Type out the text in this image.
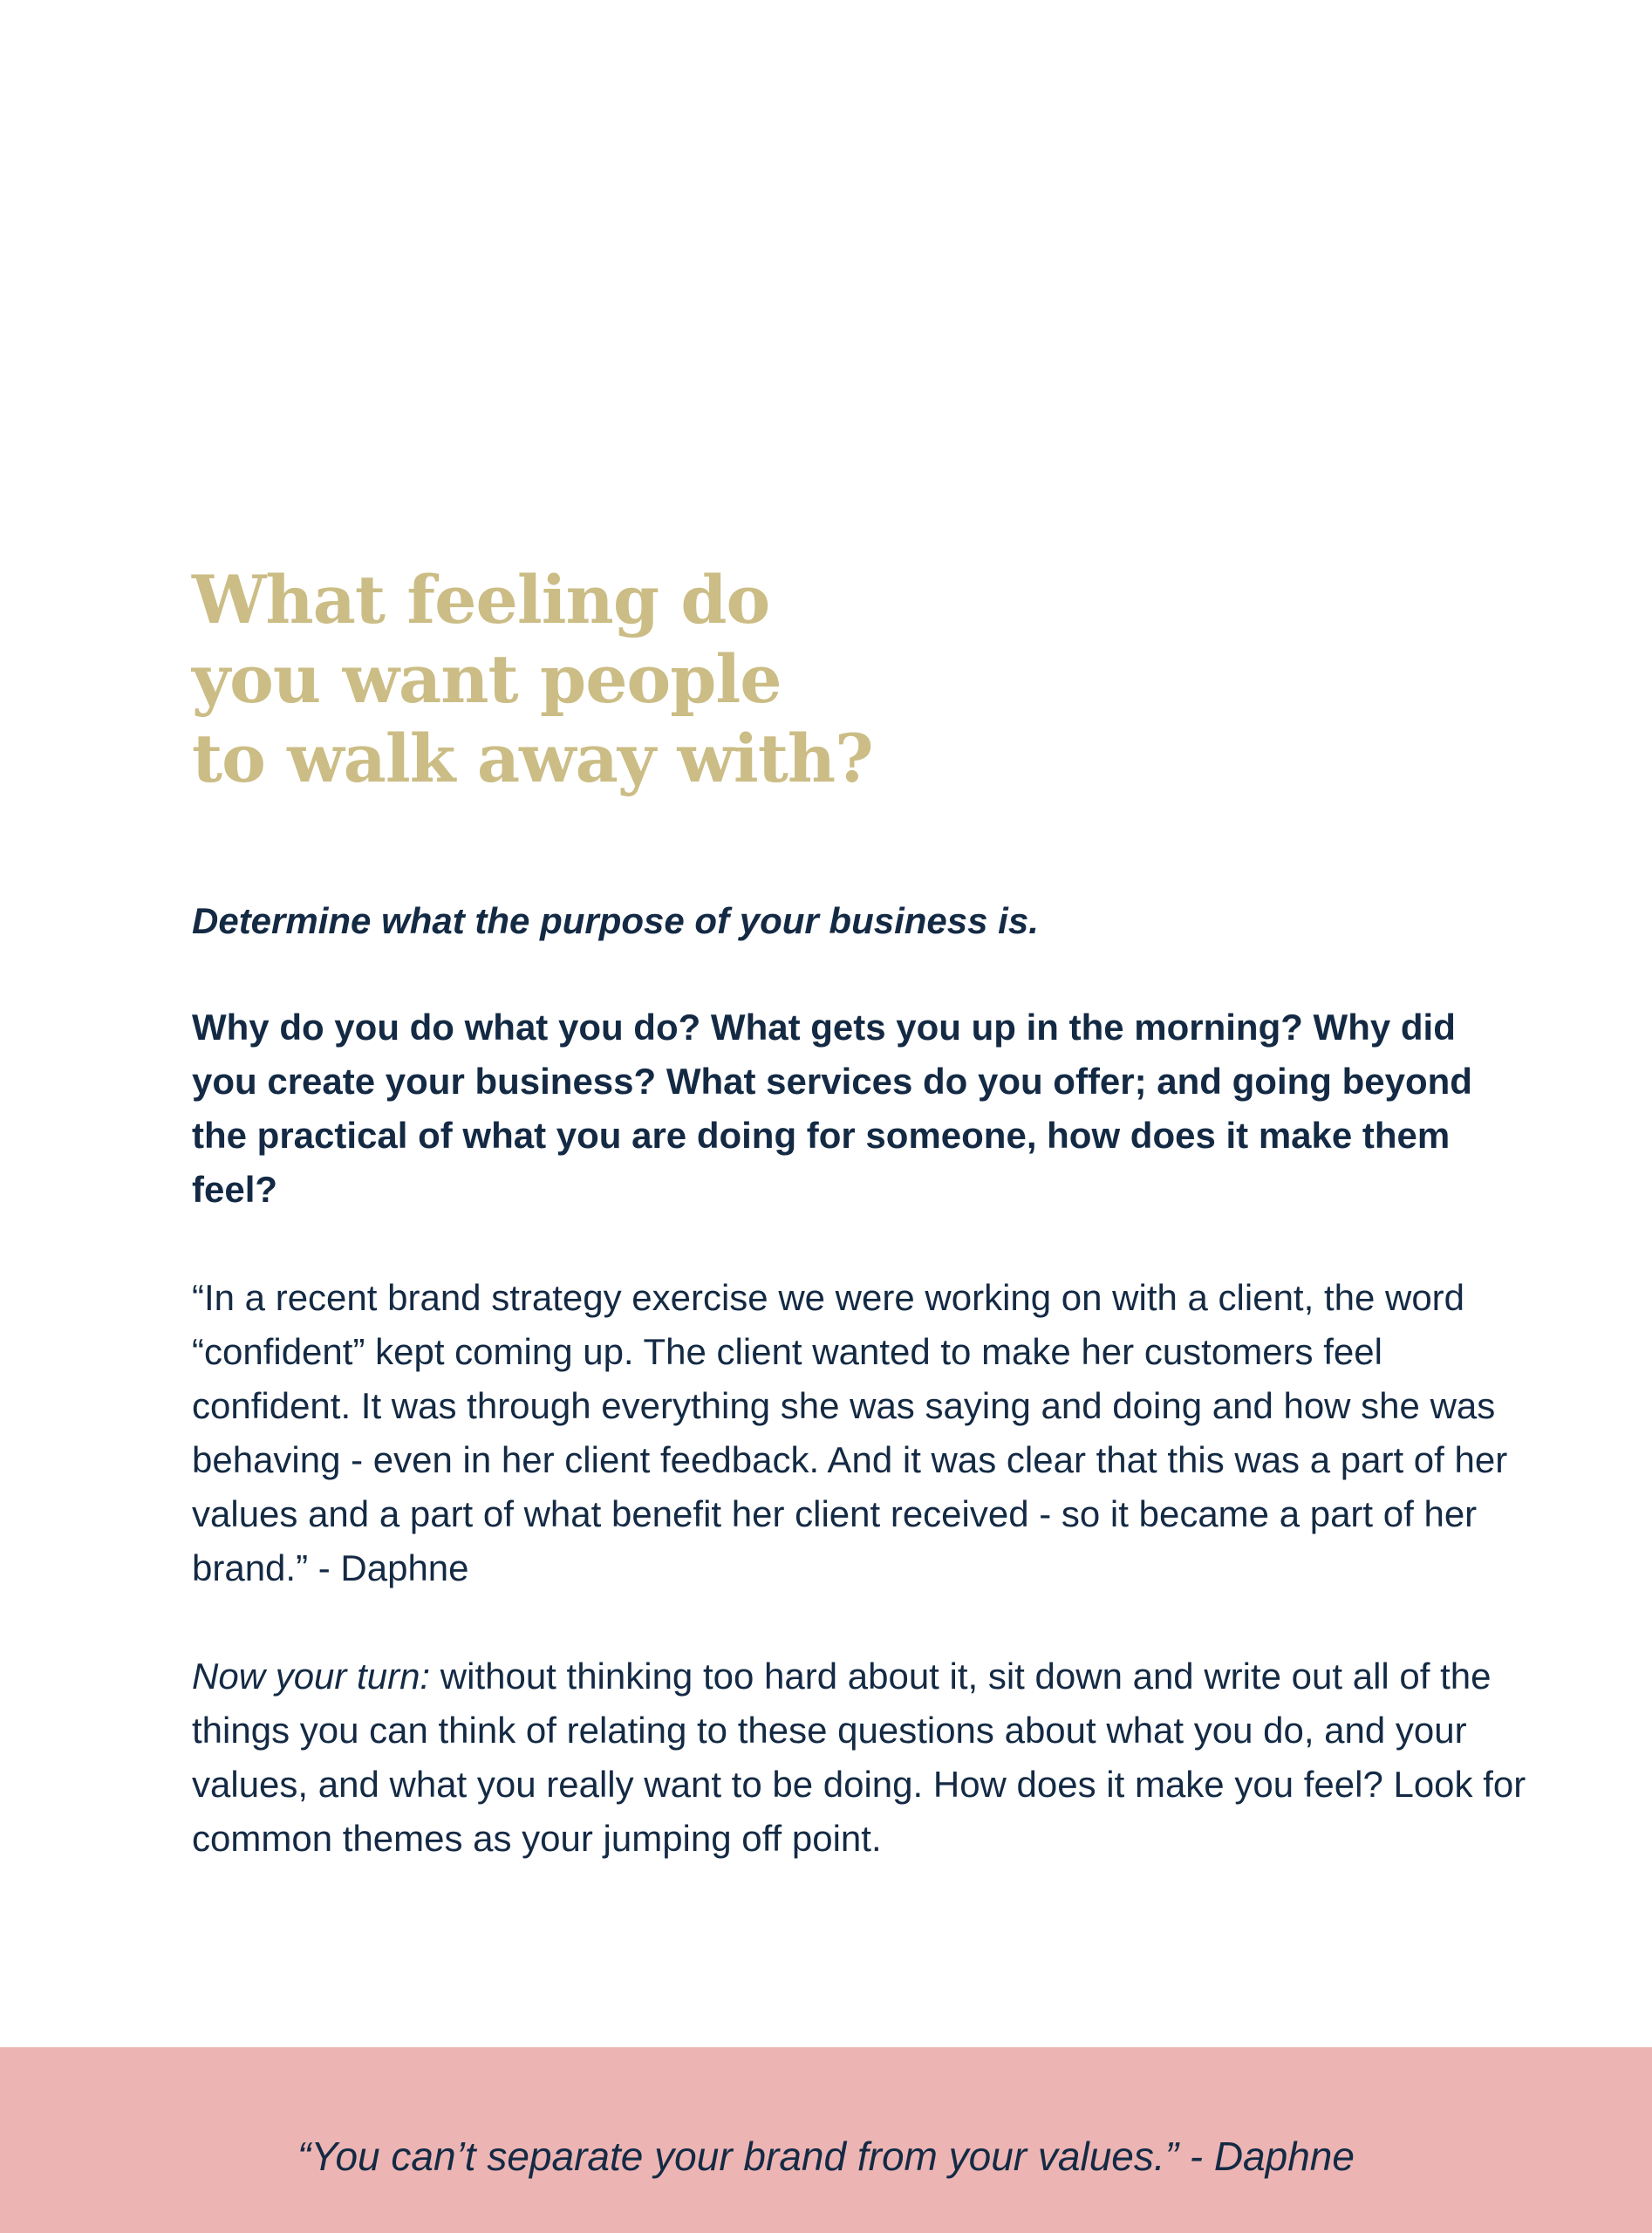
What feeling do
you want people
to walk away with?

Determine what the purpose of your business is.

Why do you do what you do? What gets you up in the morning? Why did you create your business? What services do you offer; and going beyond the practical of what you are doing for someone, how does it make them feel?

“In a recent brand strategy exercise we were working on with a client, the word “confident” kept coming up. The client wanted to make her customers feel confident. It was through everything she was saying and doing and how she was behaving - even in her client feedback. And it was clear that this was a part of her values and a part of what benefit her client received - so it became a part of her brand.” - Daphne

Now your turn: without thinking too hard about it, sit down and write out all of the things you can think of relating to these questions about what you do, and your values, and what you really want to be doing. How does it make you feel? Look for common themes as your jumping off point.

“You can’t separate your brand from your values.” - Daphne
